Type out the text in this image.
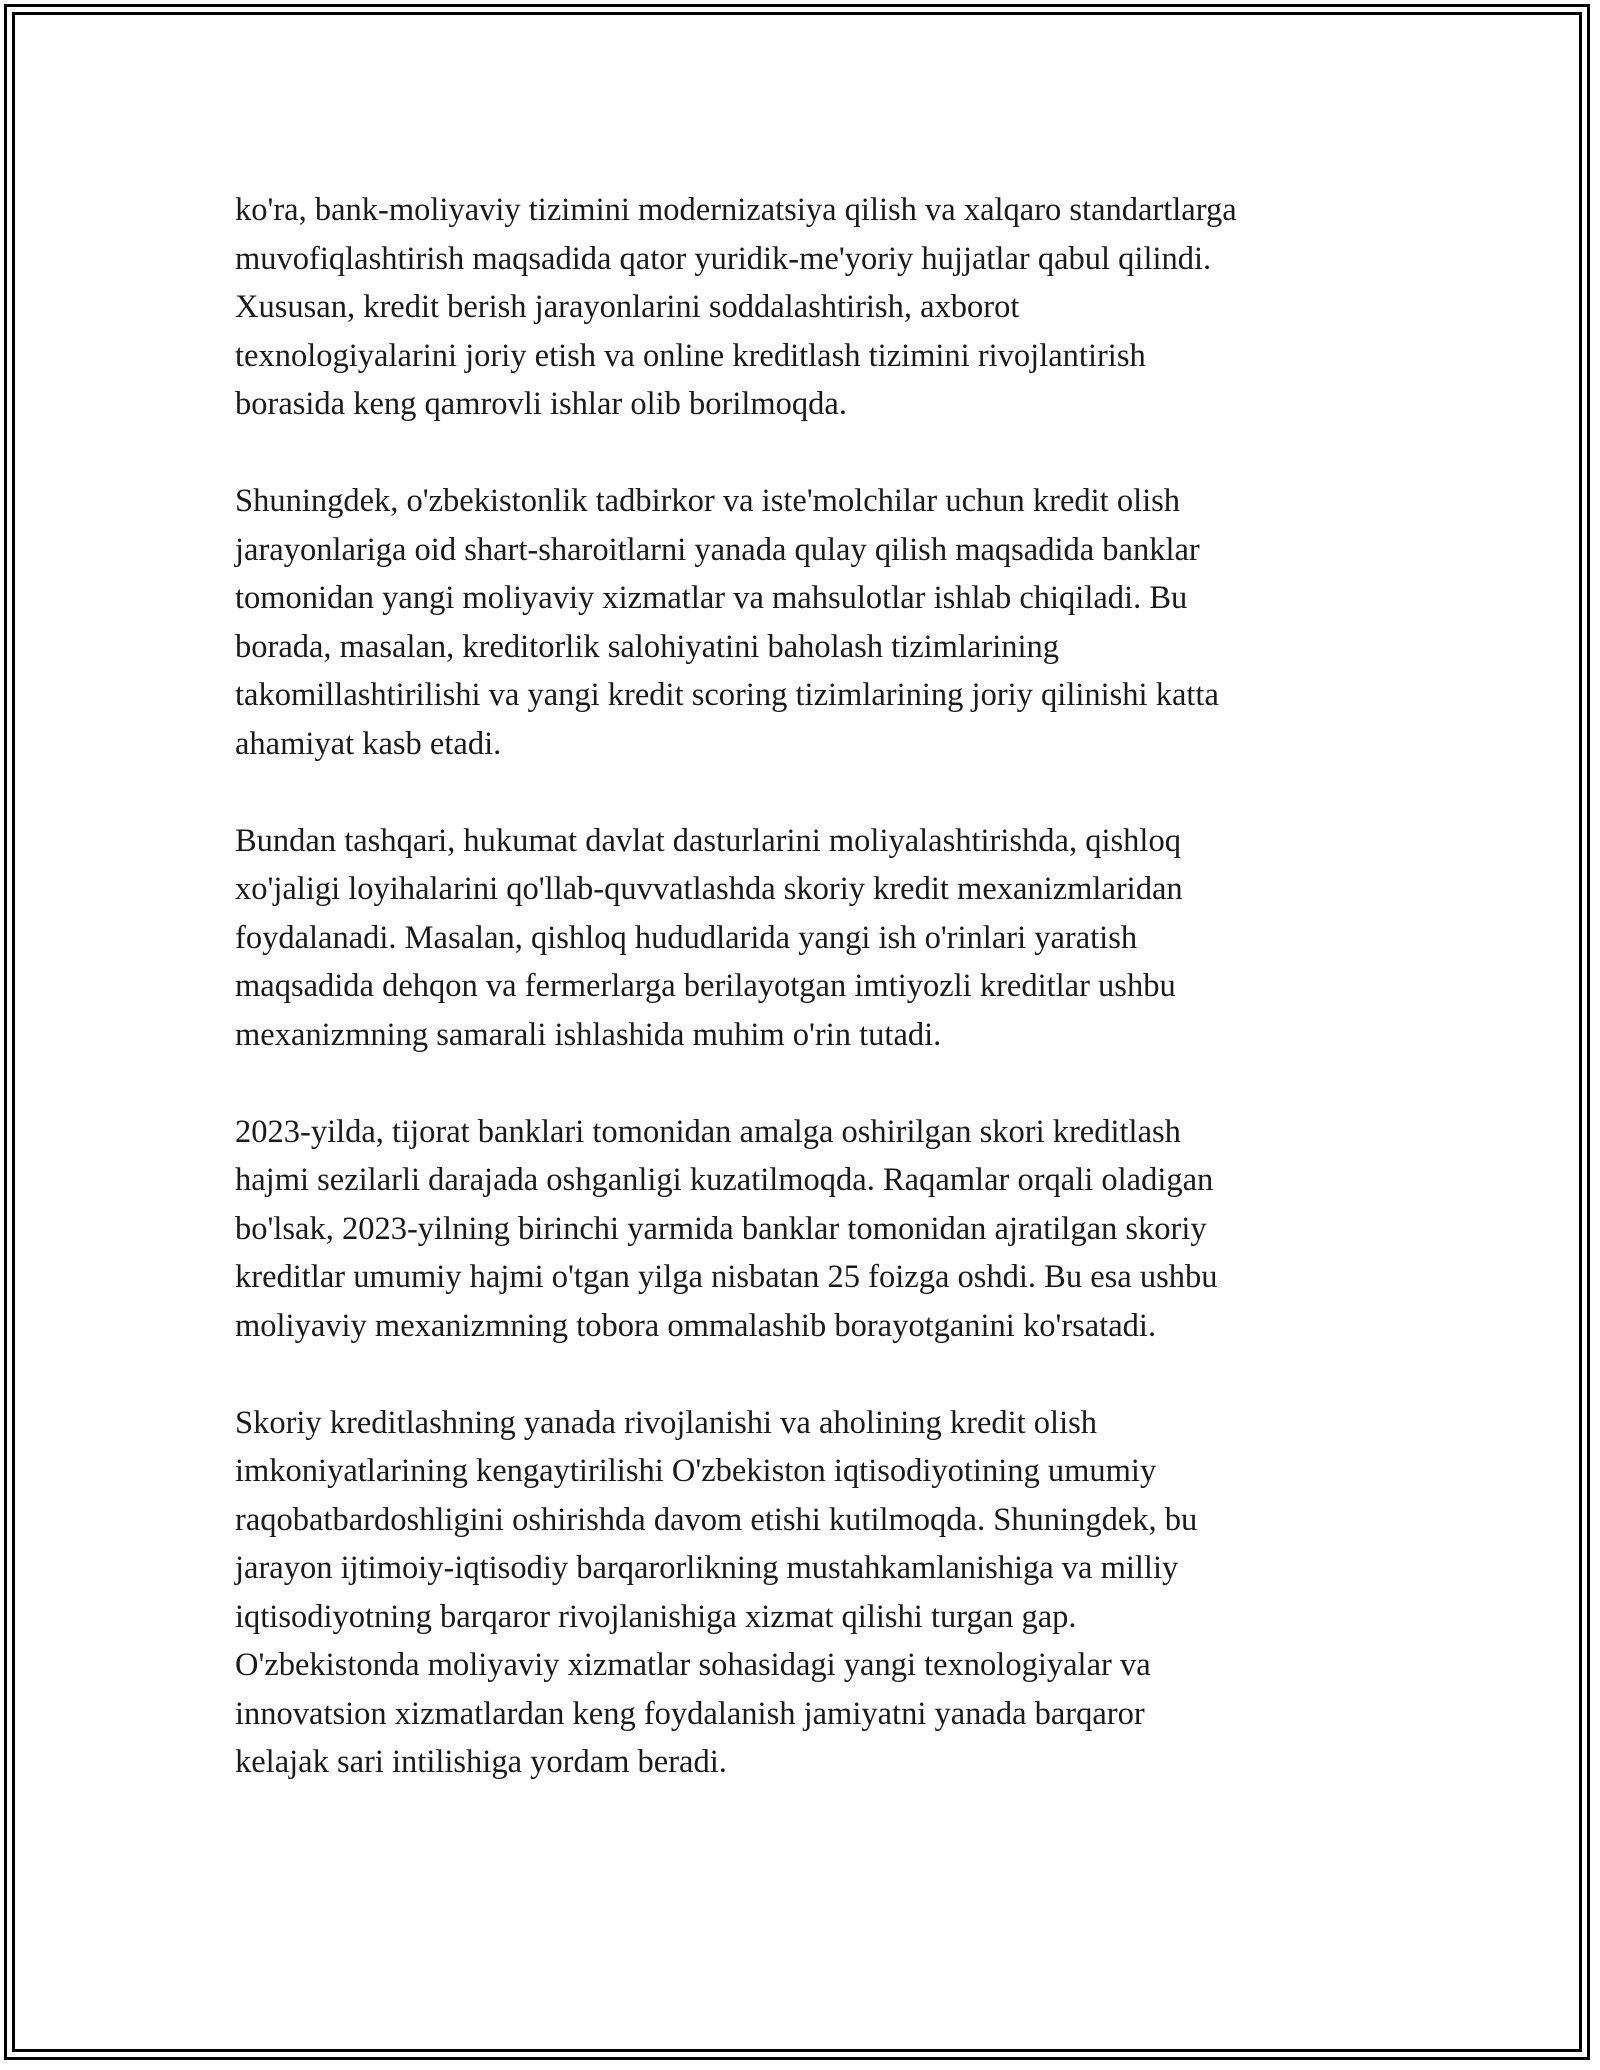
ko'ra, bank-moliyaviy tizimini modernizatsiya qilish va xalqaro standartlarga
muvofiqlashtirish maqsadida qator yuridik-me'yoriy hujjatlar qabul qilindi.
Xususan, kredit berish jarayonlarini soddalashtirish, axborot
texnologiyalarini joriy etish va online kreditlash tizimini rivojlantirish
borasida keng qamrovli ishlar olib borilmoqda.

Shuningdek, o'zbekistonlik tadbirkor va iste'molchilar uchun kredit olish
jarayonlariga oid shart-sharoitlarni yanada qulay qilish maqsadida banklar
tomonidan yangi moliyaviy xizmatlar va mahsulotlar ishlab chiqiladi. Bu
borada, masalan, kreditorlik salohiyatini baholash tizimlarining
takomillashtirilishi va yangi kredit scoring tizimlarining joriy qilinishi katta
ahamiyat kasb etadi.

Bundan tashqari, hukumat davlat dasturlarini moliyalashtirishda, qishloq
xo'jaligi loyihalarini qo'llab-quvvatlashda skoriy kredit mexanizmlaridan
foydalanadi. Masalan, qishloq hududlarida yangi ish o'rinlari yaratish
maqsadida dehqon va fermerlarga berilayotgan imtiyozli kreditlar ushbu
mexanizmning samarali ishlashida muhim o'rin tutadi.

2023-yilda, tijorat banklari tomonidan amalga oshirilgan skori kreditlash
hajmi sezilarli darajada oshganligi kuzatilmoqda. Raqamlar orqali oladigan
bo'lsak, 2023-yilning birinchi yarmida banklar tomonidan ajratilgan skoriy
kreditlar umumiy hajmi o'tgan yilga nisbatan 25 foizga oshdi. Bu esa ushbu
moliyaviy mexanizmning tobora ommalashib borayotganini ko'rsatadi.

Skoriy kreditlashning yanada rivojlanishi va aholining kredit olish
imkoniyatlarining kengaytirilishi O'zbekiston iqtisodiyotining umumiy
raqobatbardoshligini oshirishda davom etishi kutilmoqda. Shuningdek, bu
jarayon ijtimoiy-iqtisodiy barqarorlikning mustahkamlanishiga va milliy
iqtisodiyotning barqaror rivojlanishiga xizmat qilishi turgan gap.
O'zbekistonda moliyaviy xizmatlar sohasidagi yangi texnologiyalar va
innovatsion xizmatlardan keng foydalanish jamiyatni yanada barqaror
kelajak sari intilishiga yordam beradi.
